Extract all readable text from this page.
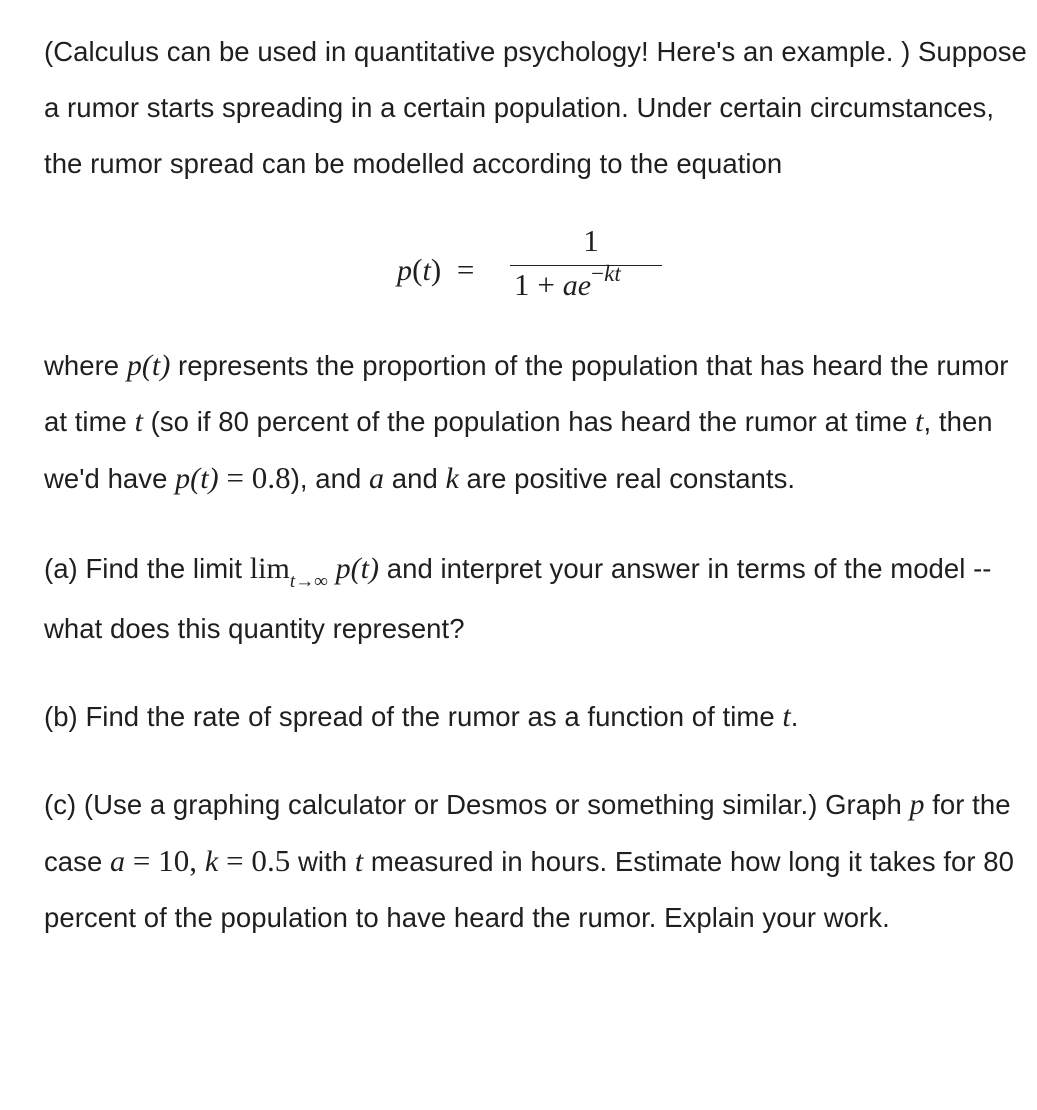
(Calculus can be used in quantitative psychology! Here's an example. ) Suppose a rumor starts spreading in a certain population. Under certain circumstances, the rumor spread can be modelled according to the equation

p(t) =
1
$1 + ae^{-kt}$

where p(t) represents the proportion of the population that has heard the rumor at time t (so if 80 percent of the population has heard the rumor at time t, then we'd have p(t) = 0.8), and a and k are positive real constants.

(a) Find the limit $\lim_{t\to\infty} p(t)$ and interpret your answer in terms of the model -- what does this quantity represent?

(b) Find the rate of spread of the rumor as a function of time t.

(c) (Use a graphing calculator or Desmos or something similar.) Graph p for the case a = 10, k = 0.5 with t measured in hours. Estimate how long it takes for 80 percent of the population to have heard the rumor. Explain your work.
